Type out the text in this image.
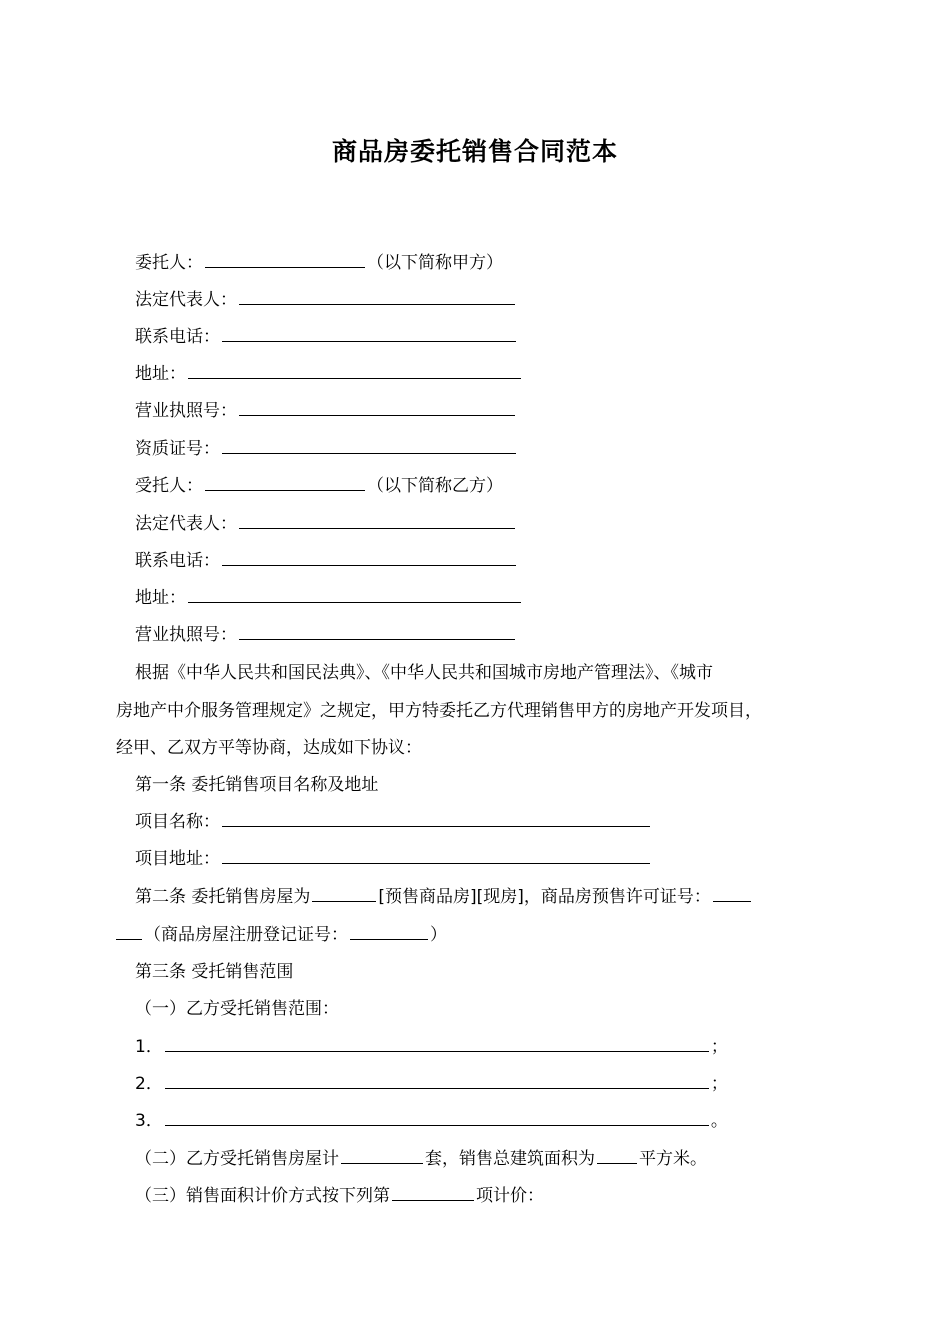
商品房委托销售合同范本
委托人：	（以下简称甲方）
法定代表人：
联系电话：
地址：
营业执照号：
资质证号：
受托人：	（以下简称乙方）
法定代表人：
联系电话：
地址：
营业执照号：
根据《中华人民共和国民法典》、《中华人民共和国城市房地产管理法》、《城市
房地产中介服务管理规定》之规定，甲方特委托乙方代理销售甲方的房地产开发项目，
经甲、乙双方平等协商，达成如下协议：
第一条 委托销售项目名称及地址
项目名称：
项目地址：
第二条 委托销售房屋为	[预售商品房][现房]，商品房预售许可证号：
（商品房屋注册登记证号：	）
第三条 受托销售范围
（一）乙方受托销售范围：
1．	；
2．	；
3．	。
（二）乙方受托销售房屋计	套，销售总建筑面积为	平方米。
（三）销售面积计价方式按下列第	项计价：
